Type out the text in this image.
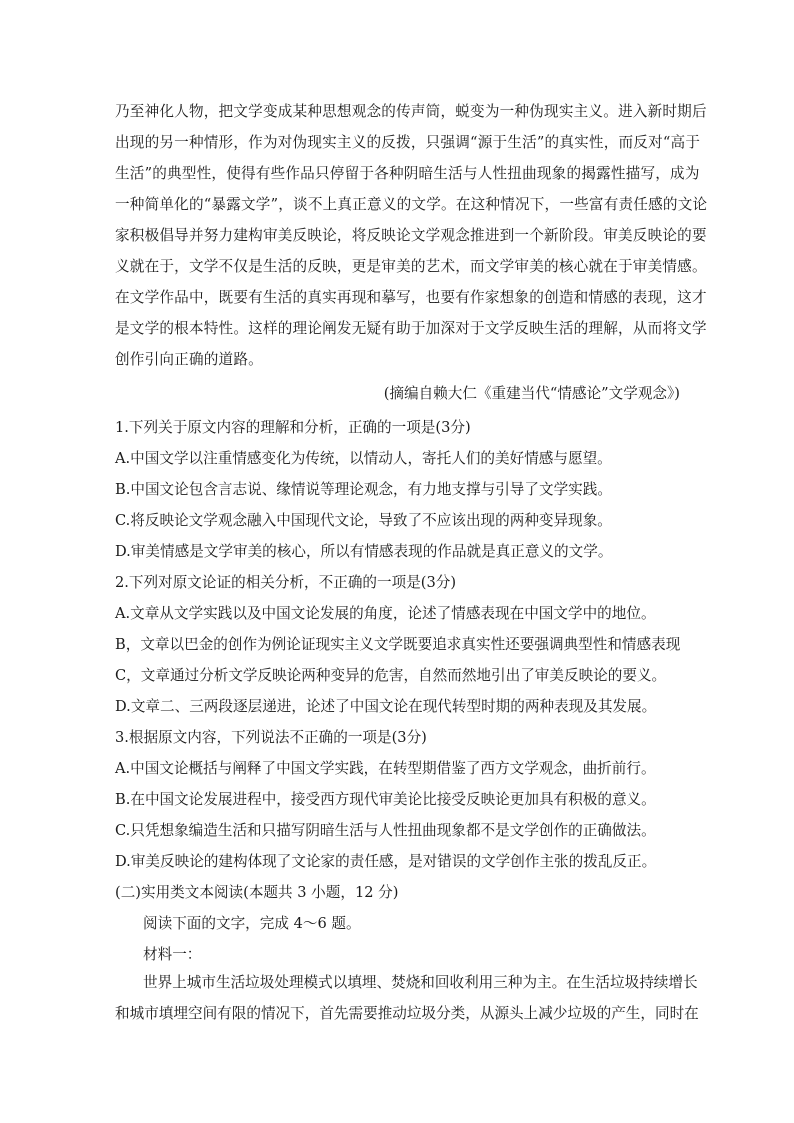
乃至神化人物，把文学变成某种思想观念的传声筒，蜕变为一种伪现实主义。进入新时期后
出现的另一种情形，作为对伪现实主义的反拨，只强调“源于生活”的真实性，而反对“高于
生活”的典型性，使得有些作品只停留于各种阴暗生活与人性扭曲现象的揭露性描写，成为
一种简单化的“暴露文学”，谈不上真正意义的文学。在这种情况下，一些富有责任感的文论
家积极倡导并努力建构审美反映论，将反映论文学观念推进到一个新阶段。审美反映论的要
义就在于，文学不仅是生活的反映，更是审美的艺术，而文学审美的核心就在于审美情感。
在文学作品中，既要有生活的真实再现和摹写，也要有作家想象的创造和情感的表现，这才
是文学的根本特性。这样的理论阐发无疑有助于加深对于文学反映生活的理解，从而将文学
创作引向正确的道路。
(摘编自赖大仁《重建当代“情感论”文学观念》)
1.下列关于原文内容的理解和分析，正确的一项是(3分)
A.中国文学以注重情感变化为传统，以情动人，寄托人们的美好情感与愿望。
B.中国文论包含言志说、缘情说等理论观念，有力地支撑与引导了文学实践。
C.将反映论文学观念融入中国现代文论，导致了不应该出现的两种变异现象。
D.审美情感是文学审美的核心，所以有情感表现的作品就是真正意义的文学。
2.下列对原文论证的相关分析，不正确的一项是(3分)
A.文章从文学实践以及中国文论发展的角度，论述了情感表现在中国文学中的地位。
B，文章以巴金的创作为例论证现实主义文学既要追求真实性还要强调典型性和情感表现
C，文章通过分析文学反映论两种变异的危害，自然而然地引出了审美反映论的要义。
D.文章二、三两段逐层递进，论述了中国文论在现代转型时期的两种表现及其发展。
3.根据原文内容，下列说法不正确的一项是(3分)
A.中国文论概括与阐释了中国文学实践，在转型期借鉴了西方文学观念，曲折前行。
B.在中国文论发展进程中，接受西方现代审美论比接受反映论更加具有积极的意义。
C.只凭想象编造生活和只描写阴暗生活与人性扭曲现象都不是文学创作的正确做法。
D.审美反映论的建构体现了文论家的责任感，是对错误的文学创作主张的拨乱反正。
(二)实用类文本阅读(本题共 3 小题，12 分)
阅读下面的文字，完成 4～6 题。
材料一：
世界上城市生活垃圾处理模式以填埋、焚烧和回收利用三种为主。在生活垃圾持续增长
和城市填埋空间有限的情况下，首先需要推动垃圾分类，从源头上减少垃圾的产生，同时在
